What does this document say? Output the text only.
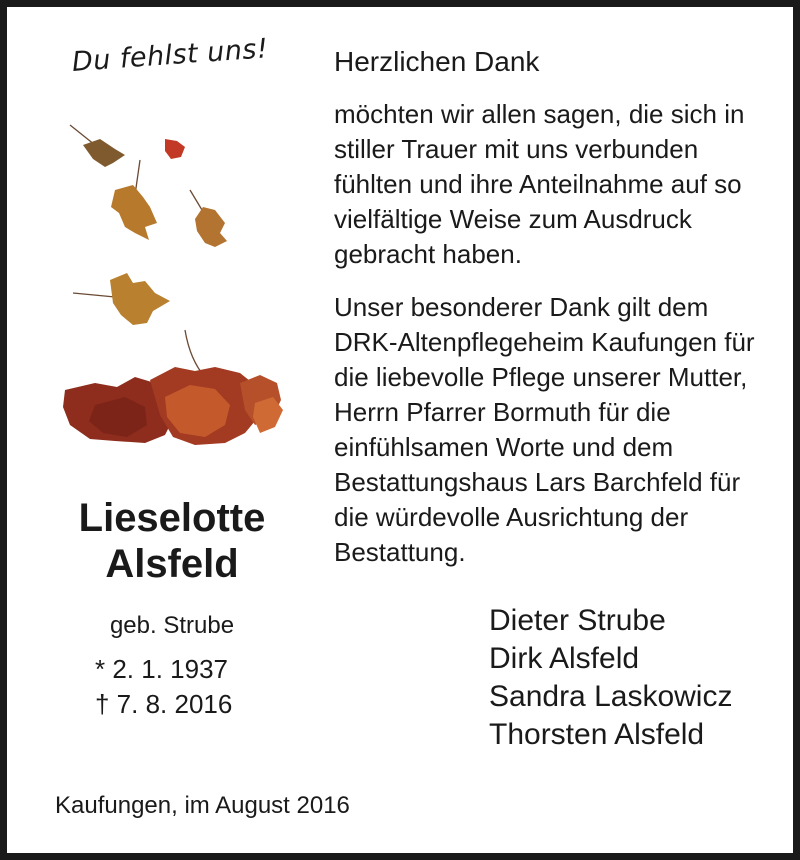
Du fehlst uns!
Lieselotte
Alsfeld
geb. Strube
* 2. 1. 1937
† 7. 8. 2016
Herzlichen Dank

möchten wir allen sagen, die sich in stiller Trauer mit uns verbunden fühlten und ihre Anteilnahme auf so vielfältige Weise zum Ausdruck gebracht haben.

Unser besonderer Dank gilt dem DRK-Altenpflegeheim Kaufungen für die liebevolle Pflege unserer Mutter, Herrn Pfarrer Bormuth für die einfühlsamen Worte und dem Bestattungshaus Lars Barchfeld für die würdevolle Ausrichtung der Bestattung.

Dieter Strube
Dirk Alsfeld
Sandra Laskowicz
Thorsten Alsfeld
Kaufungen, im August 2016
